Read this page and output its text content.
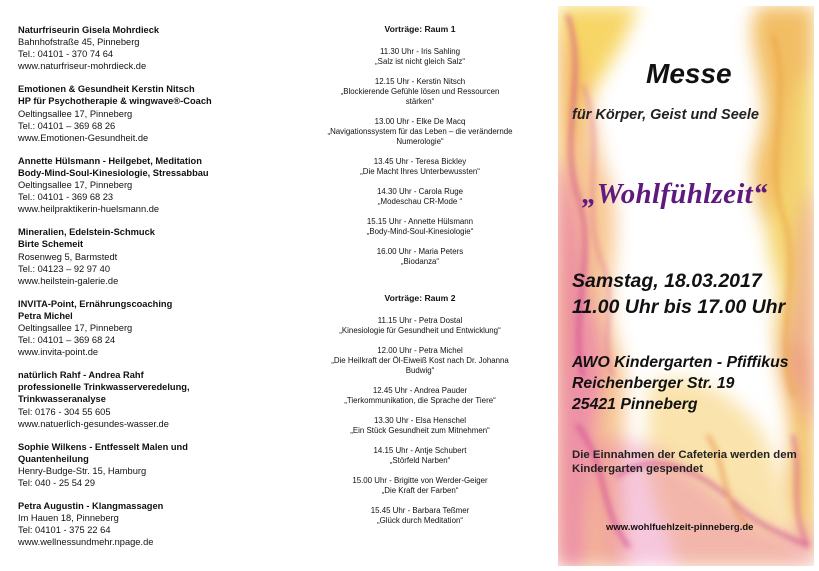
Naturfriseurin Gisela Mohrdieck
Bahnhofstraße 45, Pinneberg
Tel.: 04101 - 370 74 64
www.naturfriseur-mohrdieck.de
Emotionen & Gesundheit Kerstin Nitsch
HP für Psychotherapie & wingwave®-Coach
Oeltingsallee 17, Pinneberg
Tel.: 04101 – 369 68 26
www.Emotionen-Gesundheit.de
Annette Hülsmann - Heilgebet, Meditation
Body-Mind-Soul-Kinesiologie, Stressabbau
Oeltingsallee 17, Pinneberg
Tel.: 04101 - 369 68 23
www.heilpraktikerin-huelsmann.de
Mineralien, Edelstein-Schmuck
Birte Schemeit
Rosenweg 5, Barmstedt
Tel.: 04123 – 92 97 40
www.heilstein-galerie.de
INVITA-Point, Ernährungscoaching
Petra Michel
Oeltingsallee 17, Pinneberg
Tel.: 04101 – 369 68 24
www.invita-point.de
natürlich Rahf - Andrea Rahf
professionelle Trinkwasserveredelung,
Trinkwasseranalyse
Tel: 0176 - 304 55 605
www.natuerlich-gesundes-wasser.de
Sophie Wilkens - Entfesselt Malen und
Quantenheilung
Henry-Budge-Str. 15, Hamburg
Tel: 040 - 25 54 29
Petra Augustin - Klangmassagen
Im Hauen 18, Pinneberg
Tel: 04101 - 375 22 64
www.wellnessundmehr.npage.de
Vorträge: Raum 1
11.30 Uhr - Iris Sahling
„Salz ist nicht gleich Salz“
12.15 Uhr - Kerstin Nitsch
„Blockierende Gefühle lösen und Ressourcen
stärken“
13.00 Uhr - Elke De Macq
„Navigationssystem für das Leben – die verändernde
Numerologie“
13.45 Uhr - Teresa Bickley
„Die Macht Ihres Unterbewussten“
14.30 Uhr - Carola Ruge
„Modeschau CR-Mode “
15.15 Uhr - Annette Hülsmann
„Body-Mind-Soul-Kinesiologie“
16.00 Uhr - Maria Peters
„Biodanza“
Vorträge: Raum 2
11.15 Uhr - Petra Dostal
„Kinesiologie für Gesundheit und Entwicklung“
12.00 Uhr - Petra Michel
„Die Heilkraft der Öl-Eiweiß Kost nach Dr. Johanna
Budwig“
12.45 Uhr - Andrea Pauder
„Tierkommunikation, die Sprache der Tiere“
13.30 Uhr - Elsa Henschel
„Ein Stück Gesundheit zum Mitnehmen“
14.15 Uhr - Antje Schubert
„Störfeld Narben“
15.00 Uhr - Brigitte von Werder-Geiger
„Die Kraft der Farben“
15.45 Uhr - Barbara Teßmer
„Glück durch Meditation“
Messe
für Körper, Geist und Seele
„Wohlfühlzeit“
Samstag, 18.03.2017
11.00 Uhr bis 17.00 Uhr
AWO Kindergarten - Pfiffikus
Reichenberger Str. 19
25421 Pinneberg
Die Einnahmen der Cafeteria werden dem
Kindergarten gespendet
www.wohlfuehlzeit-pinneberg.de
